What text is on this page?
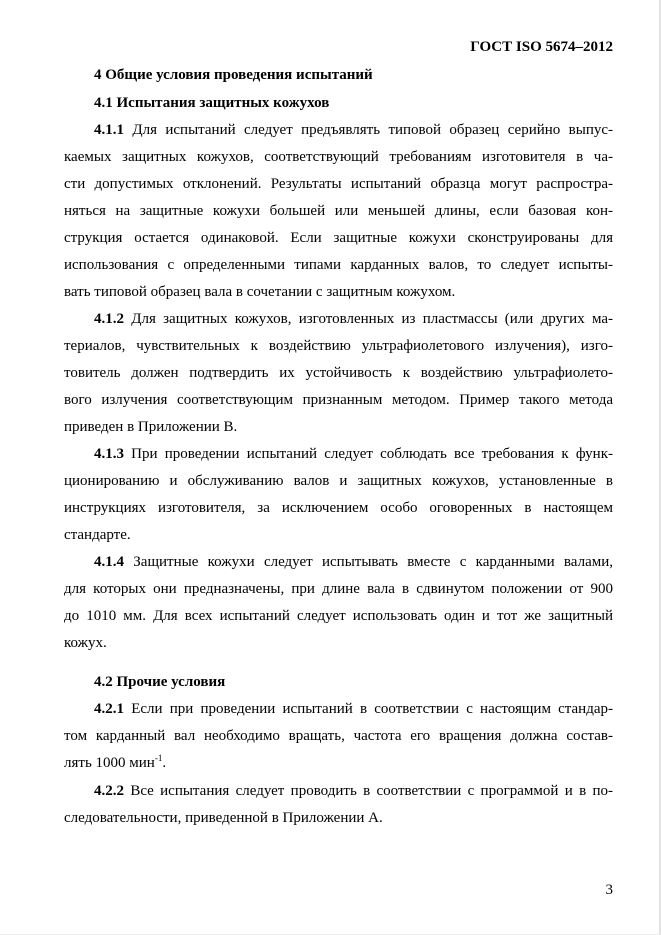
ГОСТ ISO 5674–2012
4 Общие условия проведения испытаний
4.1 Испытания защитных кожухов
4.1.1 Для испытаний следует предъявлять типовой образец серийно выпус-
каемых защитных кожухов, соответствующий требованиям изготовителя в ча-
сти допустимых отклонений. Результаты испытаний образца могут распростра-
няться на защитные кожухи большей или меньшей длины, если базовая кон-
струкция остается одинаковой. Если защитные кожухи сконструированы для
использования с определенными типами карданных валов, то следует испыты-
вать типовой образец вала в сочетании с защитным кожухом.
4.1.2 Для защитных кожухов, изготовленных из пластмассы (или других ма-
териалов, чувствительных к воздействию ультрафиолетового излучения), изго-
товитель должен подтвердить их устойчивость к воздействию ультрафиолето-
вого излучения соответствующим признанным методом. Пример такого метода
приведен в Приложении В.
4.1.3 При проведении испытаний следует соблюдать все требования к функ-
ционированию и обслуживанию валов и защитных кожухов, установленные в
инструкциях изготовителя, за исключением особо оговоренных в настоящем
стандарте.
4.1.4 Защитные кожухи следует испытывать вместе с карданными валами,
для которых они предназначены, при длине вала в сдвинутом положении от 900
до 1010 мм. Для всех испытаний следует использовать один и тот же защитный
кожух.
4.2 Прочие условия
4.2.1 Если при проведении испытаний в соответствии с настоящим стандар-
том карданный вал необходимо вращать, частота его вращения должна состав-
лять 1000 мин$^{-1}$.
4.2.2 Все испытания следует проводить в соответствии с программой и в по-
следовательности, приведенной в Приложении А.
3
